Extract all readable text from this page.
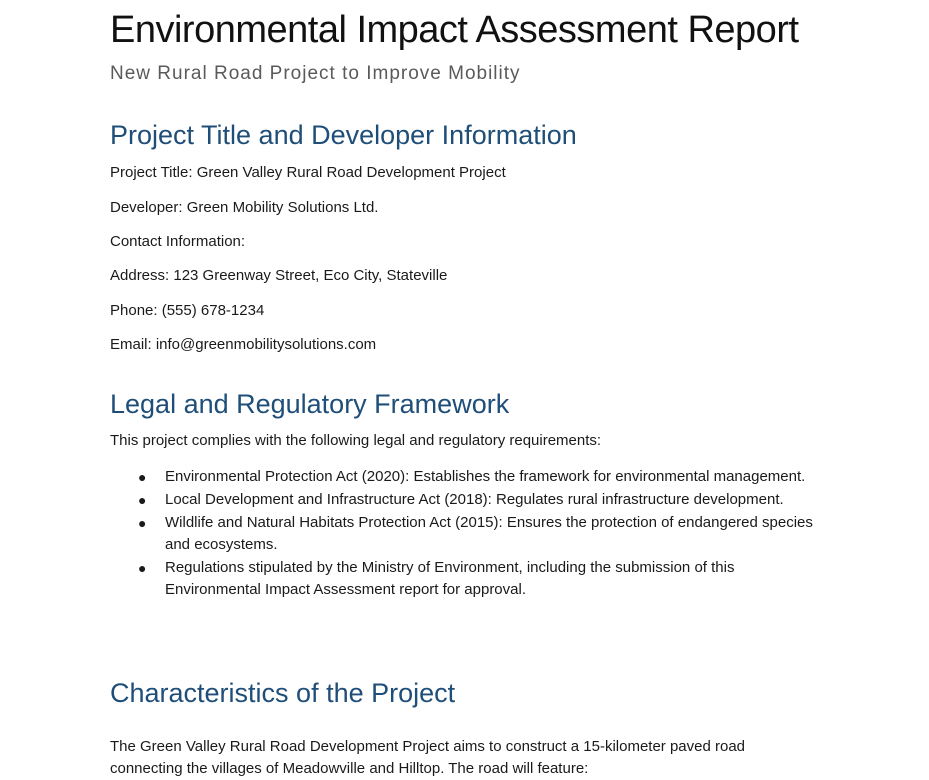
Environmental Impact Assessment Report
New Rural Road Project to Improve Mobility
Project Title and Developer Information

Project Title: Green Valley Rural Road Development Project

Developer: Green Mobility Solutions Ltd.

Contact Information:

Address: 123 Greenway Street, Eco City, Stateville

Phone: (555) 678-1234

Email: info@greenmobilitysolutions.com

Legal and Regulatory Framework

This project complies with the following legal and regulatory requirements:

● Environmental Protection Act (2020): Establishes the framework for environmental management.
● Local Development and Infrastructure Act (2018): Regulates rural infrastructure development.
● Wildlife and Natural Habitats Protection Act (2015): Ensures the protection of endangered species and ecosystems.
● Regulations stipulated by the Ministry of Environment, including the submission of this Environmental Impact Assessment report for approval.
Characteristics of the Project

The Green Valley Rural Road Development Project aims to construct a 15-kilometer paved road connecting the villages of Meadowville and Hilltop. The road will feature:
